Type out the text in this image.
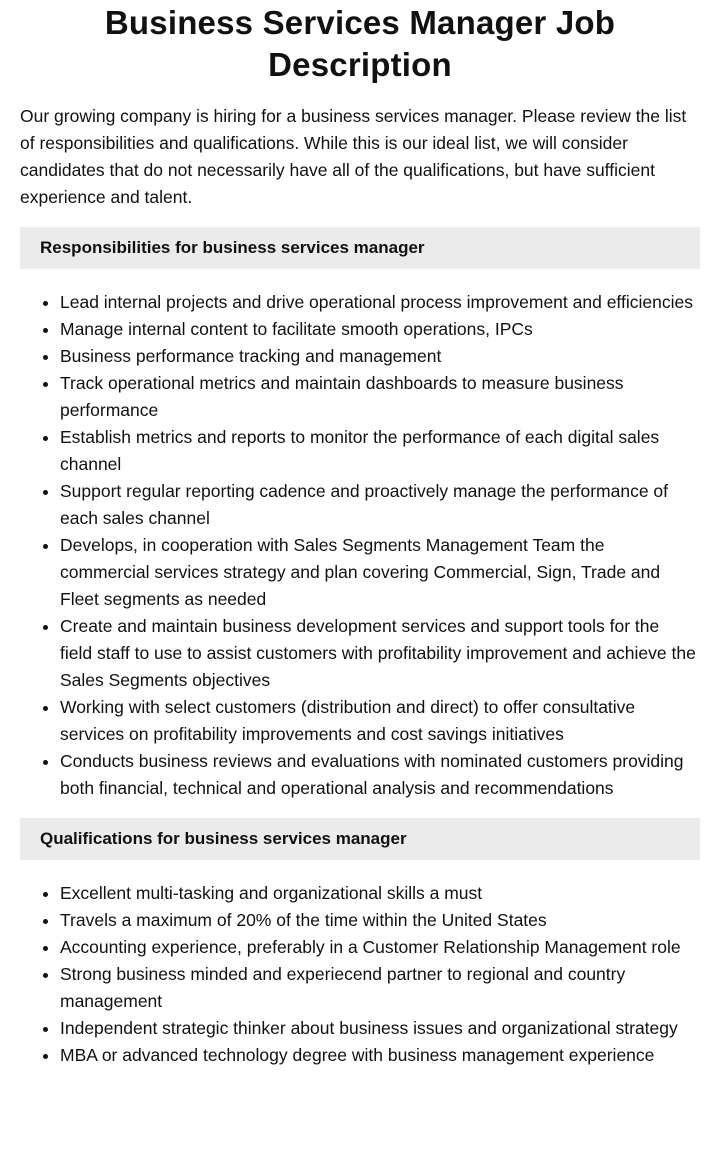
Business Services Manager Job Description

Our growing company is hiring for a business services manager. Please review the list of responsibilities and qualifications. While this is our ideal list, we will consider candidates that do not necessarily have all of the qualifications, but have sufficient experience and talent.

Responsibilities for business services manager
• Lead internal projects and drive operational process improvement and efficiencies
• Manage internal content to facilitate smooth operations, IPCs
• Business performance tracking and management
• Track operational metrics and maintain dashboards to measure business performance
• Establish metrics and reports to monitor the performance of each digital sales channel
• Support regular reporting cadence and proactively manage the performance of each sales channel
• Develops, in cooperation with Sales Segments Management Team the commercial services strategy and plan covering Commercial, Sign, Trade and Fleet segments as needed
• Create and maintain business development services and support tools for the field staff to use to assist customers with profitability improvement and achieve the Sales Segments objectives
• Working with select customers (distribution and direct) to offer consultative services on profitability improvements and cost savings initiatives
• Conducts business reviews and evaluations with nominated customers providing both financial, technical and operational analysis and recommendations
Qualifications for business services manager
• Excellent multi-tasking and organizational skills a must
• Travels a maximum of 20% of the time within the United States
• Accounting experience, preferably in a Customer Relationship Management role
• Strong business minded and experiecend partner to regional and country management
• Independent strategic thinker about business issues and organizational strategy
• MBA or advanced technology degree with business management experience
